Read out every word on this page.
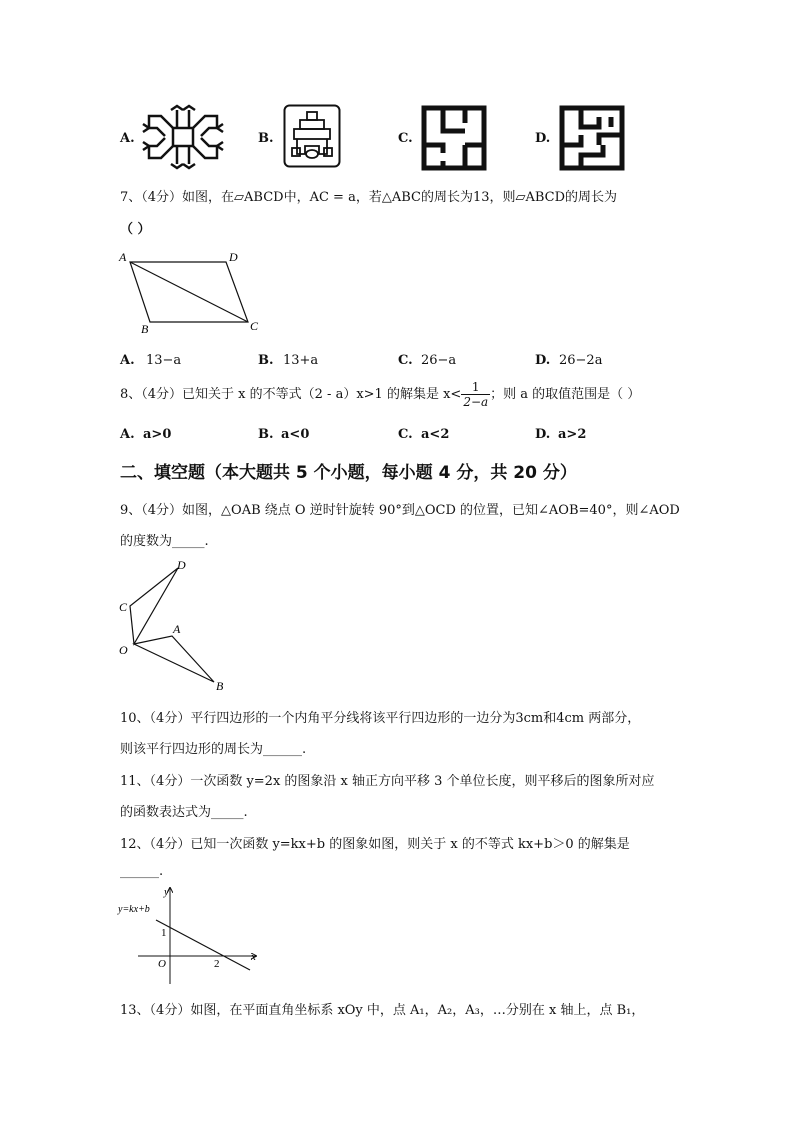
A.	B.	C.	D.
7、（4分）如图，在▱ABCD中，AC = a，若△ABC的周长为13，则▱ABCD的周长为
（ ）
A	D
B	C
A. 13−a	B. 13+a	C. 26−a	D. 26−2a
8、（4分）已知关于 x 的不等式（2 - a）x>1 的解集是 $x< \frac{1}{2-a}$ ；则 a 的取值范围是（ ）
A. a>0	B. a<0	C. a<2	D. a>2
二、填空题（本大题共 5 个小题，每小题 4 分，共 20 分）
9、（4分）如图，△OAB 绕点 O 逆时针旋转 90°到△OCD 的位置，已知∠AOB=40°，则∠AOD
的度数为_____.
D
C
A
O
B
10、（4分）平行四边形的一个内角平分线将该平行四边形的一边分为3cm和4cm 两部分，
则该平行四边形的周长为______.
11、（4分）一次函数 y=2x 的图象沿 x 轴正方向平移 3 个单位长度，则平移后的图象所对应
的函数表达式为_____.
12、（4分）已知一次函数 y=kx+b 的图象如图，则关于 x 的不等式 kx+b＞0 的解集是
______.
y
y=kx+b
1
O	2
x
13、（4分）如图，在平面直角坐标系 xOy 中，点 A₁，A₂，A₃，…分别在 x 轴上，点 B₁，
